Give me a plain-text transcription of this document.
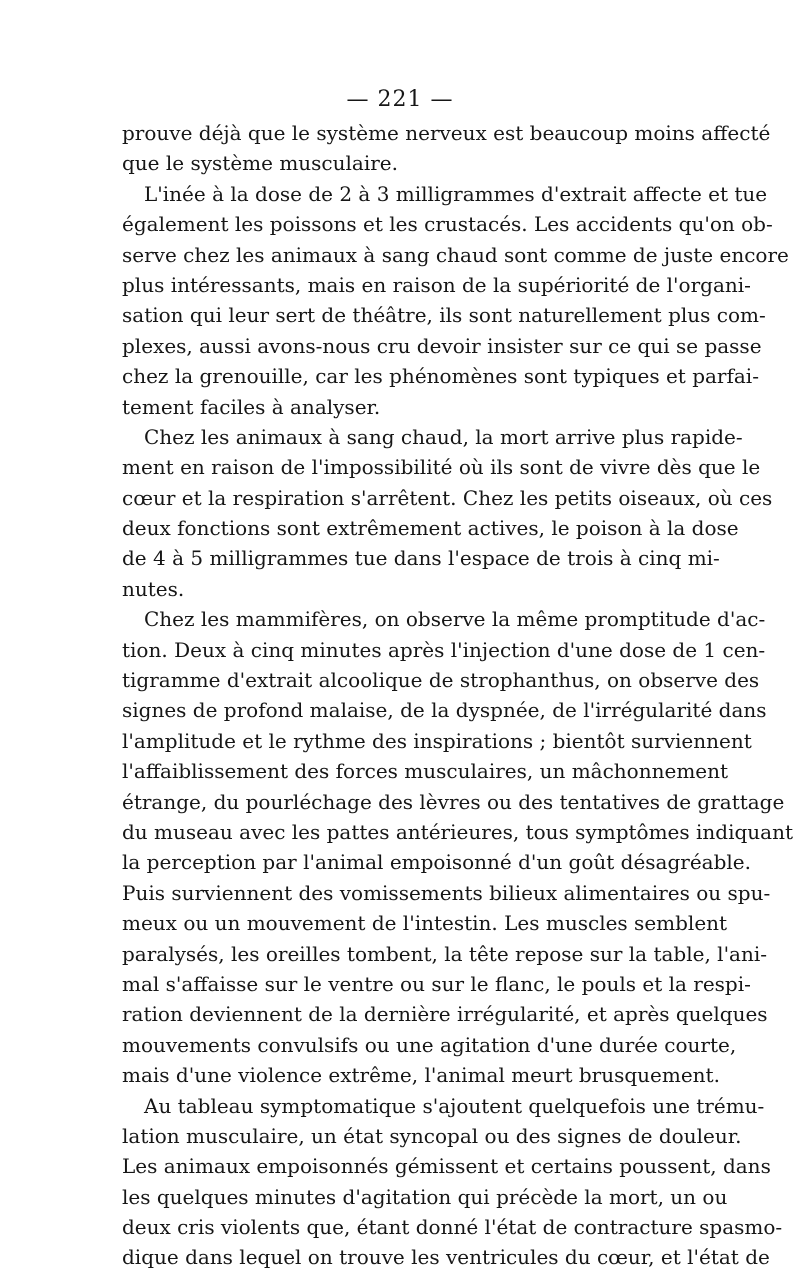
— 221 —
prouve déjà que le système nerveux est beaucoup moins affecté
que le système musculaire.
L'inée à la dose de 2 à 3 milligrammes d'extrait affecte et tue
également les poissons et les crustacés. Les accidents qu'on ob-
serve chez les animaux à sang chaud sont comme de juste encore
plus intéressants, mais en raison de la supériorité de l'organi-
sation qui leur sert de théâtre, ils sont naturellement plus com-
plexes, aussi avons-nous cru devoir insister sur ce qui se passe
chez la grenouille, car les phénomènes sont typiques et parfai-
tement faciles à analyser.
Chez les animaux à sang chaud, la mort arrive plus rapide-
ment en raison de l'impossibilité où ils sont de vivre dès que le
cœur et la respiration s'arrêtent. Chez les petits oiseaux, où ces
deux fonctions sont extrêmement actives, le poison à la dose
de 4 à 5 milligrammes tue dans l'espace de trois à cinq mi-
nutes.
Chez les mammifères, on observe la même promptitude d'ac-
tion. Deux à cinq minutes après l'injection d'une dose de 1 cen-
tigramme d'extrait alcoolique de strophanthus, on observe des
signes de profond malaise, de la dyspnée, de l'irrégularité dans
l'amplitude et le rythme des inspirations ; bientôt surviennent
l'affaiblissement des forces musculaires, un mâchonnement
étrange, du pourléchage des lèvres ou des tentatives de grattage
du museau avec les pattes antérieures, tous symptômes indiquant
la perception par l'animal empoisonné d'un goût désagréable.
Puis surviennent des vomissements bilieux alimentaires ou spu-
meux ou un mouvement de l'intestin. Les muscles semblent
paralysés, les oreilles tombent, la tête repose sur la table, l'ani-
mal s'affaisse sur le ventre ou sur le flanc, le pouls et la respi-
ration deviennent de la dernière irrégularité, et après quelques
mouvements convulsifs ou une agitation d'une durée courte,
mais d'une violence extrême, l'animal meurt brusquement.
Au tableau symptomatique s'ajoutent quelquefois une trému-
lation musculaire, un état syncopal ou des signes de douleur.
Les animaux empoisonnés gémissent et certains poussent, dans
les quelques minutes d'agitation qui précède la mort, un ou
deux cris violents que, étant donné l'état de contracture spasmo-
dique dans lequel on trouve les ventricules du cœur, et l'état de
